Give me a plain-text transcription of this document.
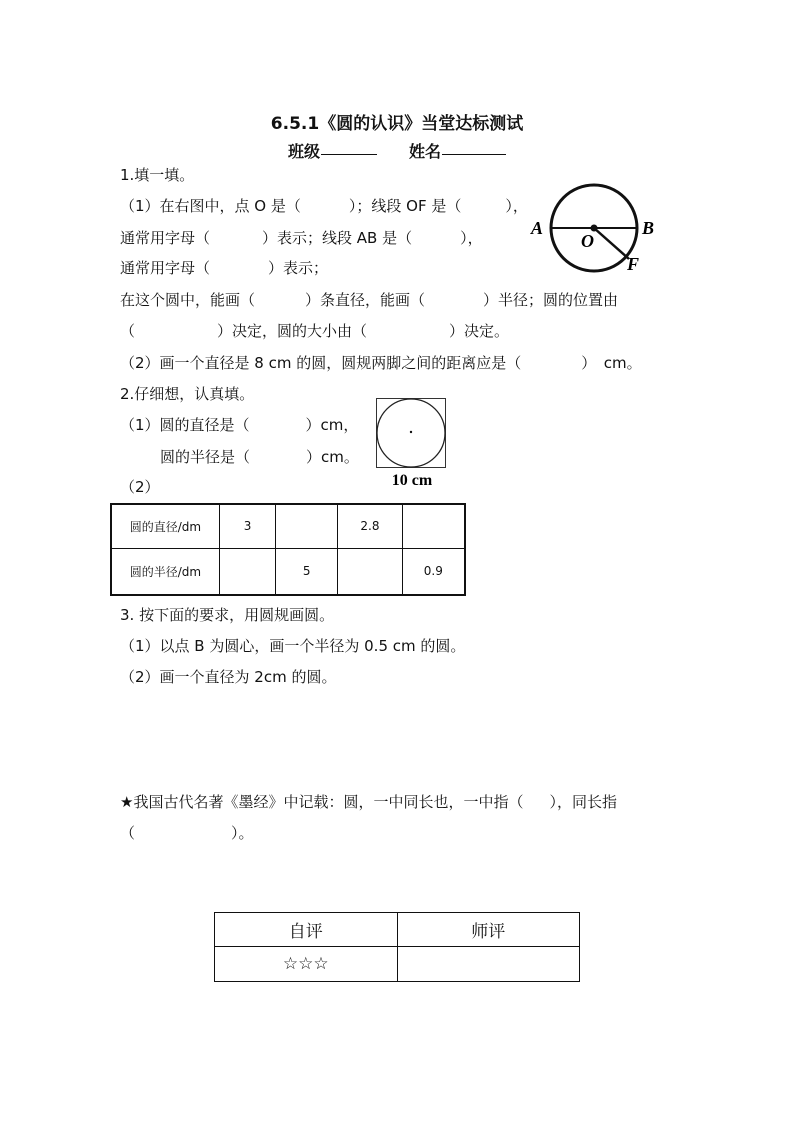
6.5.1《圆的认识》当堂达标测试
班级	姓名
1.填一填。
（1）在右图中，点 O 是（	）；线段 OF 是（	），
通常用字母（	）表示；线段 AB 是（	），
通常用字母（	）表示；
在这个圆中，能画（	）条直径，能画（	）半径；圆的位置由
（	）决定，圆的大小由（	）决定。
（2）画一个直径是 8 cm 的圆，圆规两脚之间的距离应是（	）　cm。
A	B
O
F
2.仔细想，认真填。
（1）圆的直径是（	）cm，
圆的半径是（	）cm。
（2）	10 cm
圆的直径/dm	3		2.8	
圆的半径/dm		5		0.9
3. 按下面的要求，用圆规画圆。
（1）以点 B 为圆心，画一个半径为 0.5 cm 的圆。
（2）画一个直径为 2cm 的圆。
★我国古代名著《墨经》中记载：圆，一中同长也，一中指（ ），同长指
（	）。
自评	师评
☆☆☆	
